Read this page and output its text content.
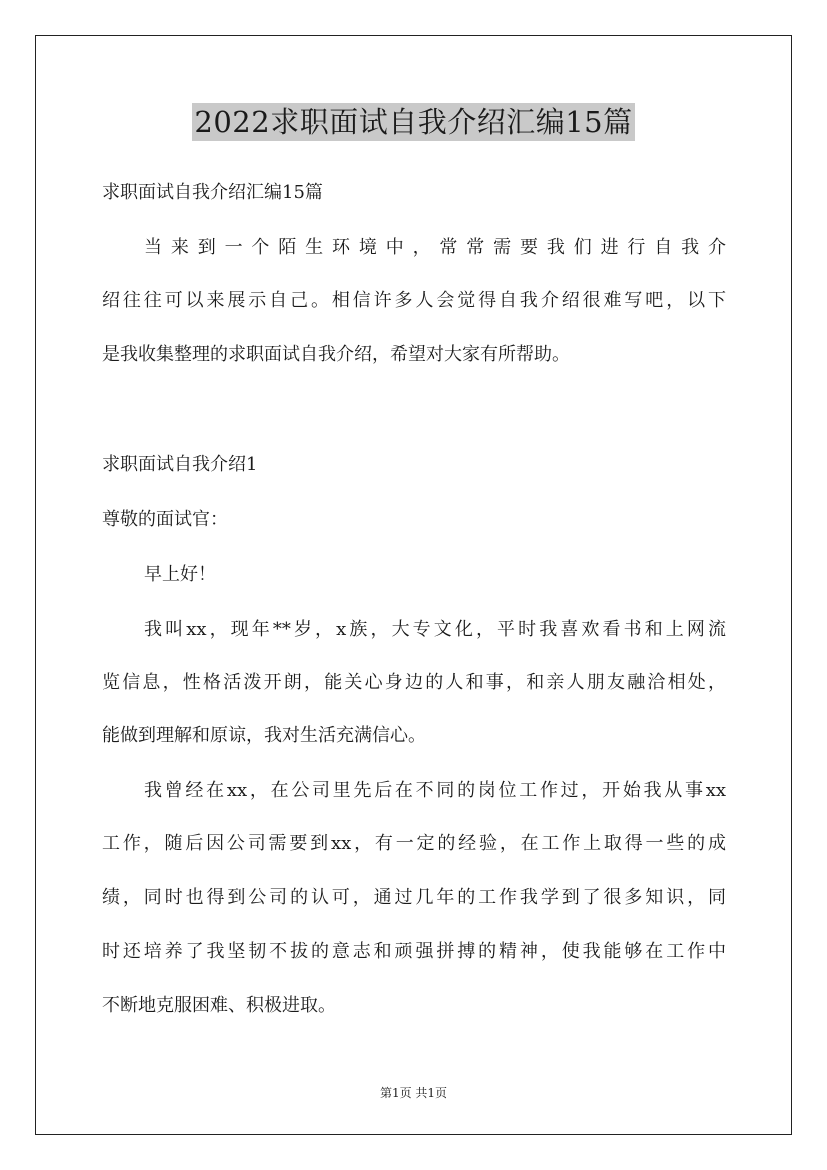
2022求职面试自我介绍汇编15篇
求职面试自我介绍汇编15篇
当来到一个陌生环境中，常常需要我们进行自我介
绍往往可以来展示自己。相信许多人会觉得自我介绍很难写吧，以下
是我收集整理的求职面试自我介绍，希望对大家有所帮助。
求职面试自我介绍1
尊敬的面试官：
早上好！
我叫xx，现年**岁，x族，大专文化，平时我喜欢看书和上网流
览信息，性格活泼开朗，能关心身边的人和事，和亲人朋友融洽相处，
能做到理解和原谅，我对生活充满信心。
我曾经在xx，在公司里先后在不同的岗位工作过，开始我从事xx
工作，随后因公司需要到xx，有一定的经验，在工作上取得一些的成
绩，同时也得到公司的认可，通过几年的工作我学到了很多知识，同
时还培养了我坚韧不拔的意志和顽强拼搏的精神，使我能够在工作中
不断地克服困难、积极进取。
第1页 共1页
